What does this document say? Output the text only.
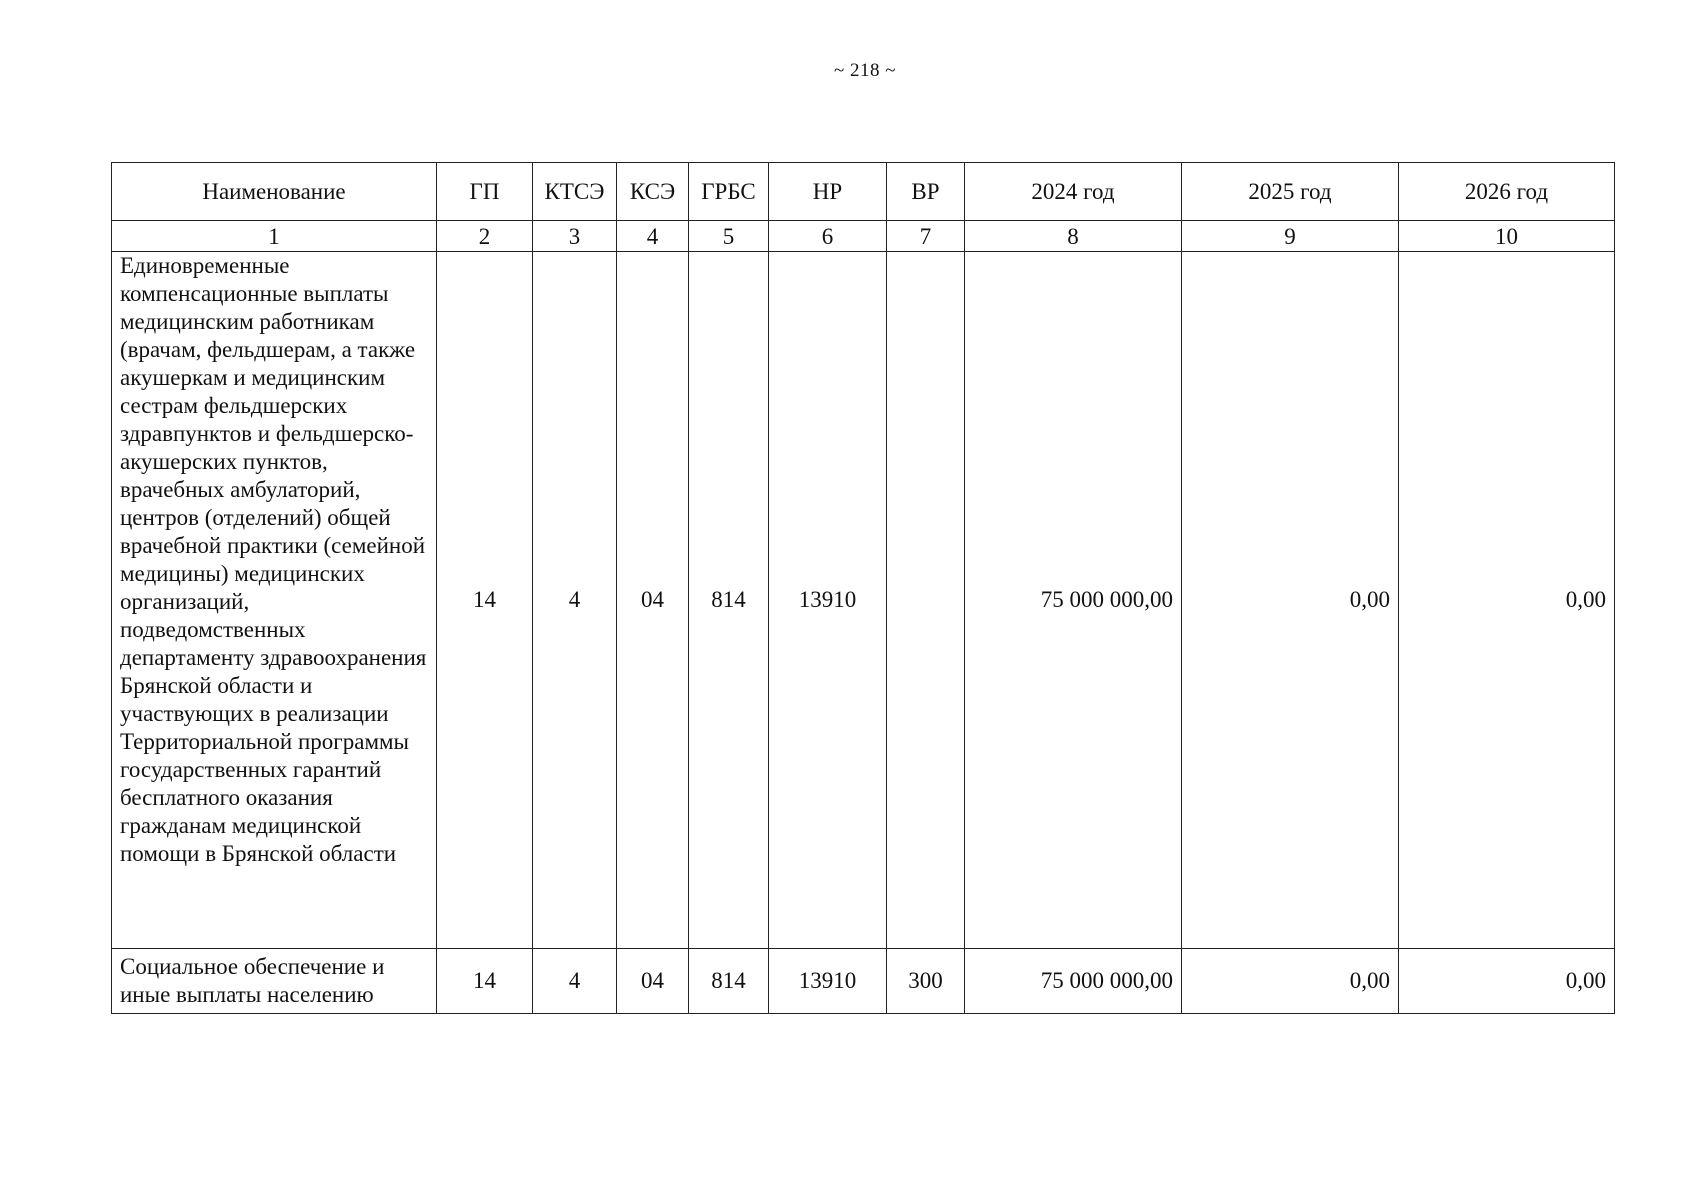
~ 218 ~
Наименование	ГП	КТСЭ	КСЭ	ГРБС	НР	ВР	2024 год	2025 год	2026 год
1	2	3	4	5	6	7	8	9	10
Единовременные компенсационные выплаты медицинским работникам (врачам, фельдшерам, а также акушеркам и медицинским сестрам фельдшерских здравпунктов и фельдшерско-акушерских пунктов, врачебных амбулаторий, центров (отделений) общей врачебной практики (семейной медицины) медицинских организаций, подведомственных департаменту здравоохранения Брянской области и участвующих в реализации Территориальной программы государственных гарантий бесплатного оказания гражданам медицинской помощи в Брянской области	14	4	04	814	13910		75 000 000,00	0,00	0,00
Социальное обеспечение и иные выплаты населению	14	4	04	814	13910	300	75 000 000,00	0,00	0,00
